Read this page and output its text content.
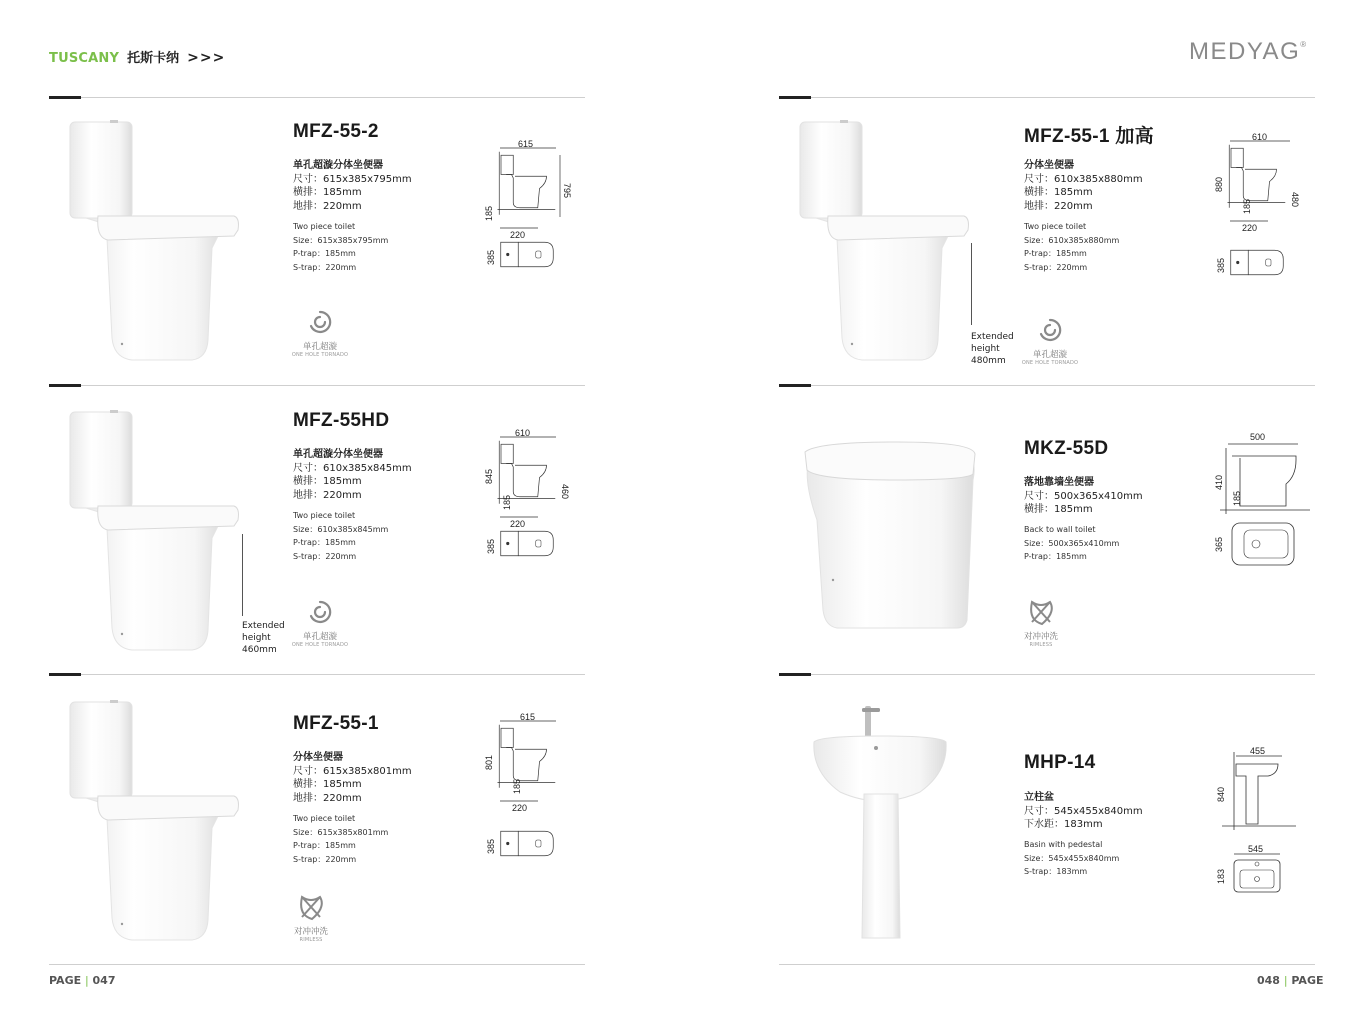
TUSCANY 托斯卡纳 >>>	MEDYAG®
MFZ-55-2
单孔超漩分体坐便器
尺寸：615x385x795mm
横排：185mm
地排：220mm
Two piece toilet
Size：615x385x795mm
P-trap：185mm
S-trap：220mm
615
795
185
220
385
单孔超漩
ONE HOLE TORNADO
Extended
height
460mm
MFZ-55HD
单孔超漩分体坐便器
尺寸：610x385x845mm
横排：185mm
地排：220mm
Two piece toilet
Size：610x385x845mm
P-trap：185mm
S-trap：220mm
610
845
460
185
220
385
单孔超漩
ONE HOLE TORNADO
MFZ-55-1
分体坐便器
尺寸：615x385x801mm
横排：185mm
地排：220mm
Two piece toilet
Size：615x385x801mm
P-trap：185mm
S-trap：220mm
615
801
185
220
385
对冲冲洗
RIMLESS
Extended
height
480mm
MFZ-55-1 加高
分体坐便器
尺寸：610x385x880mm
横排：185mm
地排：220mm
Two piece toilet
Size：610x385x880mm
P-trap：185mm
S-trap：220mm
610
880
480
185
220
385
单孔超漩
ONE HOLE TORNADO
MKZ-55D
落地靠墙坐便器
尺寸：500x365x410mm
横排：185mm
Back to wall toilet
Size：500x365x410mm
P-trap：185mm
500
410
185
365
对冲冲洗
RIMLESS
MHP-14
立柱盆
尺寸：545x455x840mm
下水距：183mm
Basin with pedestal
Size：545x455x840mm
S-trap：183mm
455
840
545
183
PAGE | 047	048 | PAGE
